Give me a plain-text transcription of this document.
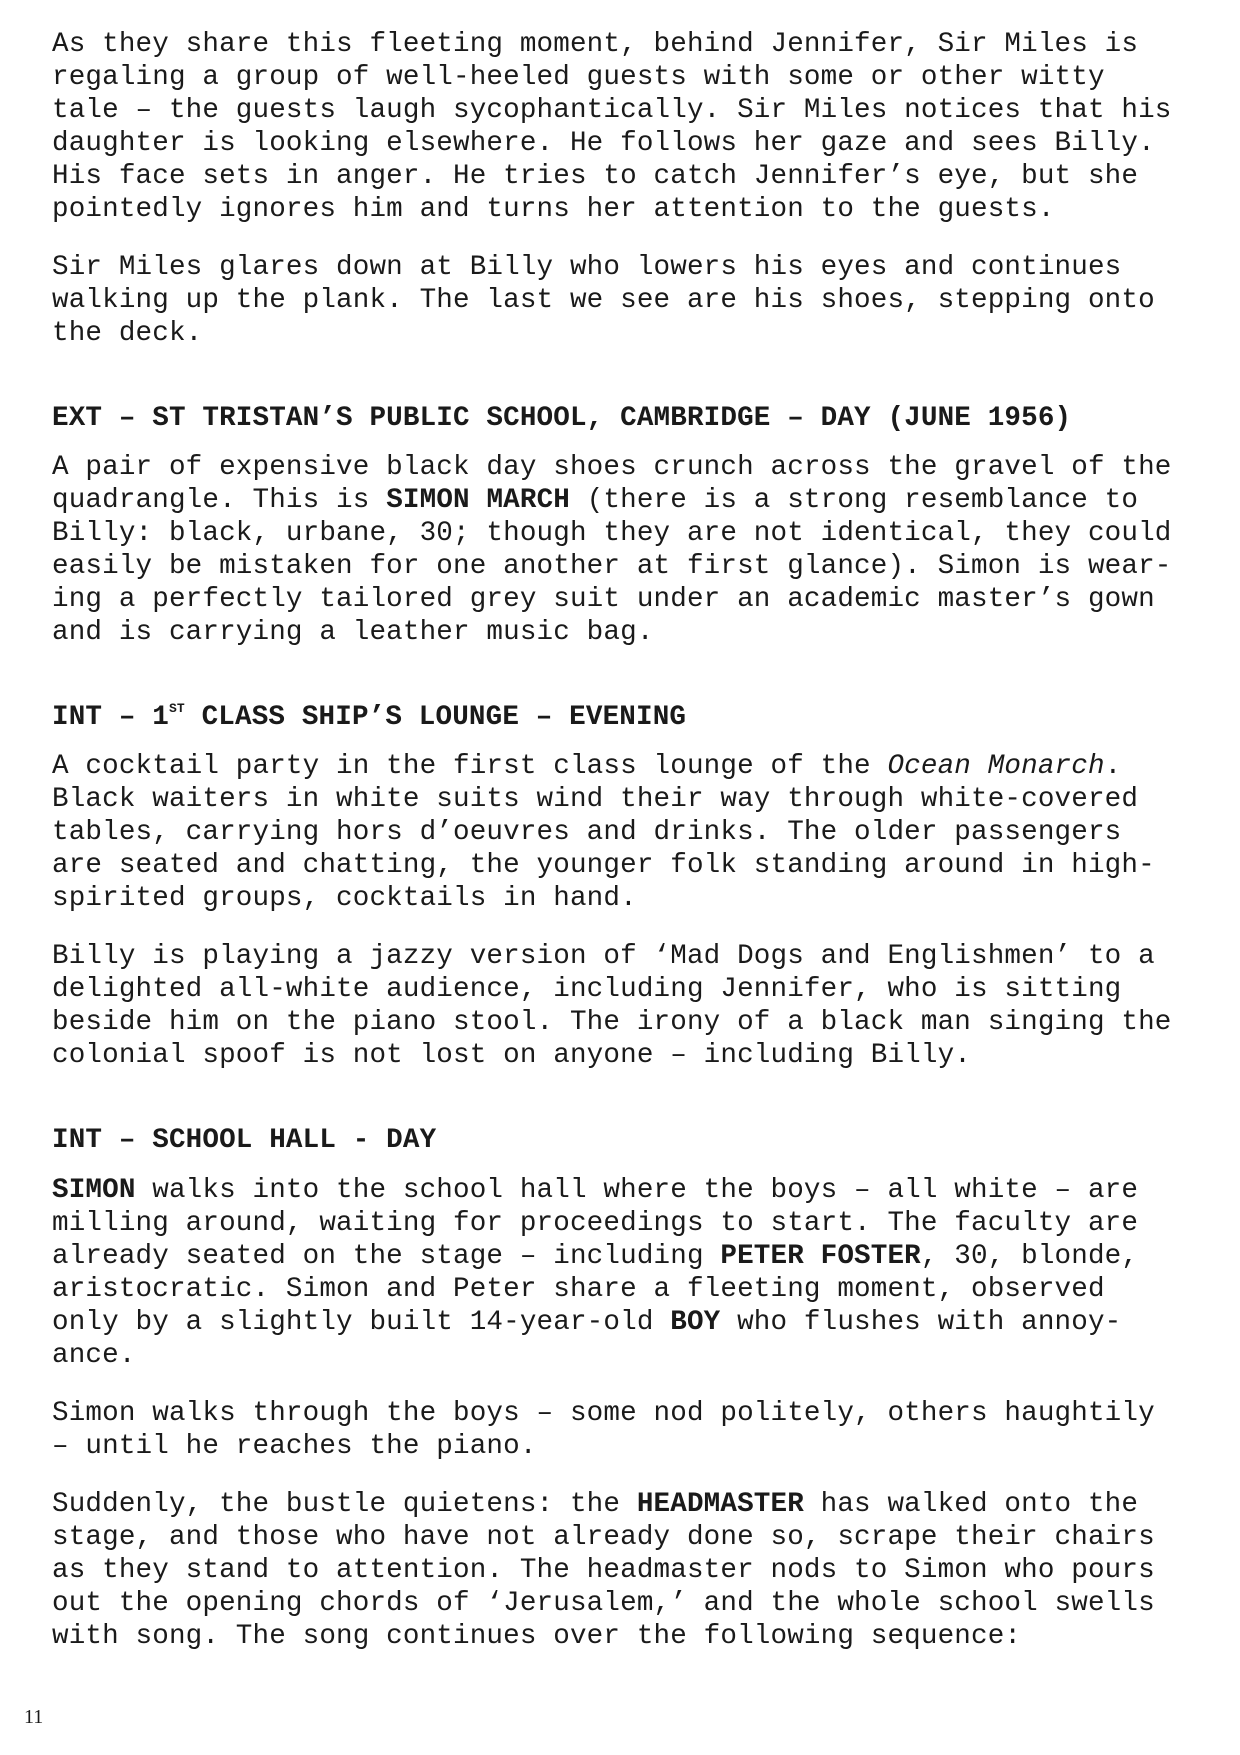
As they share this fleeting moment, behind Jennifer, Sir Miles is
regaling a group of well-heeled guests with some or other witty
tale – the guests laugh sycophantically. Sir Miles notices that his
daughter is looking elsewhere. He follows her gaze and sees Billy.
His face sets in anger. He tries to catch Jennifer’s eye, but she
pointedly ignores him and turns her attention to the guests.

Sir Miles glares down at Billy who lowers his eyes and continues
walking up the plank. The last we see are his shoes, stepping onto
the deck.

EXT – ST TRISTAN’S PUBLIC SCHOOL, CAMBRIDGE – DAY (JUNE 1956)

A pair of expensive black day shoes crunch across the gravel of the
quadrangle. This is SIMON MARCH (there is a strong resemblance to
Billy: black, urbane, 30; though they are not identical, they could
easily be mistaken for one another at first glance). Simon is wear-
ing a perfectly tailored grey suit under an academic master’s gown
and is carrying a leather music bag.

INT – 1ST CLASS SHIP’S LOUNGE – EVENING

A cocktail party in the first class lounge of the Ocean Monarch.
Black waiters in white suits wind their way through white-covered
tables, carrying hors d’oeuvres and drinks. The older passengers
are seated and chatting, the younger folk standing around in high-
spirited groups, cocktails in hand.

Billy is playing a jazzy version of ‘Mad Dogs and Englishmen’ to a
delighted all-white audience, including Jennifer, who is sitting
beside him on the piano stool. The irony of a black man singing the
colonial spoof is not lost on anyone – including Billy.

INT – SCHOOL HALL - DAY

SIMON walks into the school hall where the boys – all white – are
milling around, waiting for proceedings to start. The faculty are
already seated on the stage – including PETER FOSTER, 30, blonde,
aristocratic. Simon and Peter share a fleeting moment, observed
only by a slightly built 14-year-old BOY who flushes with annoy-
ance.

Simon walks through the boys – some nod politely, others haughtily
– until he reaches the piano.

Suddenly, the bustle quietens: the HEADMASTER has walked onto the
stage, and those who have not already done so, scrape their chairs
as they stand to attention. The headmaster nods to Simon who pours
out the opening chords of ‘Jerusalem,’ and the whole school swells
with song. The song continues over the following sequence:

11
